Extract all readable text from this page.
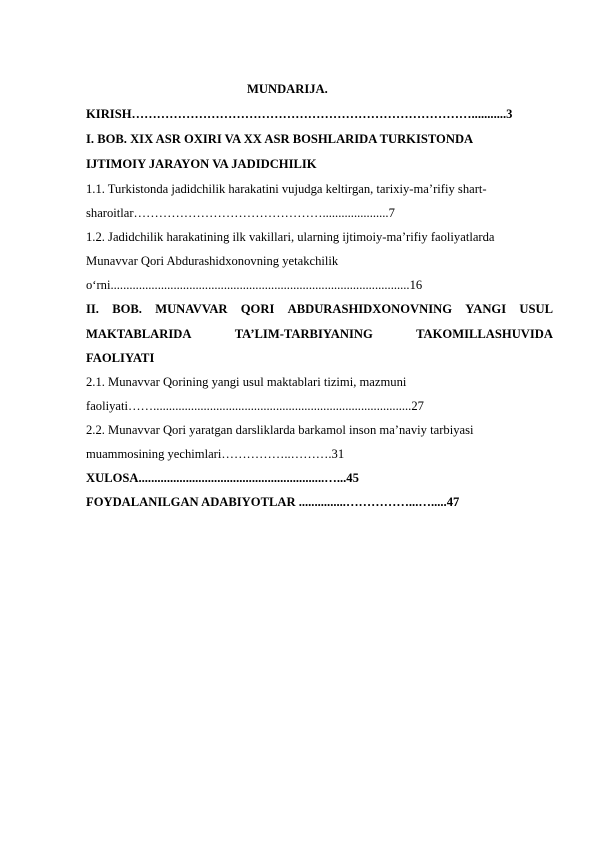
MUNDARIJA.
KIRISH………………………………………………………………………...........3
I. BOB. XIX ASR OXIRI VA XX ASR BOSHLARIDA TURKISTONDA
IJTIMOIY JARAYON VA JADIDCHILIK
1.1. Turkistonda jadidchilik harakatini vujudga keltirgan, tarixiy-ma’rifiy shart-
sharoitlar……………………………………….....................7
1.2. Jadidchilik harakatining ilk vakillari, ularning ijtimoiy-ma’rifiy faoliyatlarda
Munavvar Qori Abdurashidxonovning yetakchilik
o‘rni...............................................................................................16
II. BOB. MUNAVVAR QORI ABDURASHIDXONOVNING YANGI USUL
MAKTABLARIDA	TA’LIM-TARBIYANING	TAKOMILLASHUVIDA
FAOLIYATI
2.1. Munavvar Qorining yangi usul maktablari tizimi, mazmuni
faoliyati……..................................................................................27
2.2. Munavvar Qori yaratgan darsliklarda barkamol inson ma’naviy tarbiyasi
muammosining yechimlari……………..……….31
XULOSA...........................................................…...45
FOYDALANILGAN ADABIYOTLAR ...............……………...….....47
